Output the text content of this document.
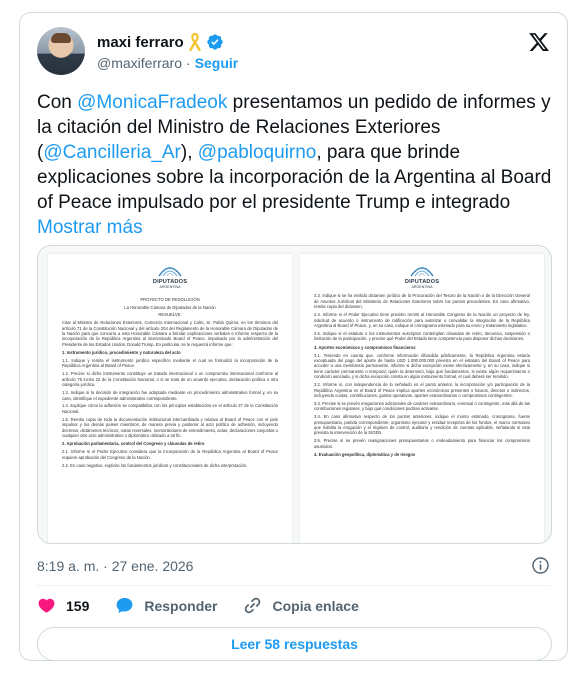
maxi ferraro
@maxiferraro · Seguir
Con @MonicaFradeok presentamos un pedido de informes y la citación del Ministro de Relaciones Exteriores (@Cancilleria_Ar), @pabloquirno, para que brinde explicaciones sobre la incorporación de la Argentina al Board of Peace impulsado por el presidente Trump e integrado Mostrar más
DIPUTADOS
ARGENTINA
PROYECTO DE RESOLUCIÓN
La Honorable Cámara de Diputados de la Nación
RESUELVE:
Citar al Ministro de Relaciones Exteriores, Comercio Internacional y Culto, Sr. Pablo Quirno, en los términos del artículo 71 de la Constitución Nacional y del artículo 204 del Reglamento de la Honorable Cámara de Diputados de la Nación para que concurra a esta Honorable Cámara a brindar explicaciones verbales e informe respecto de la incorporación de la República Argentina al denominado Board of Peace, impulsado por la administración del Presidente de los Estados Unidos, Donald Trump. En particular, se le requerirá informe que:
1. Instrumento jurídico, procedimiento y naturaleza del acto
1.1. Indique y remita el instrumento jurídico específico mediante el cual se formalizó la incorporación de la República Argentina al Board of Peace.
1.2. Precise si dicho instrumento constituye un tratado internacional o un compromiso internacional conforme al artículo 75 inciso 22 de la Constitución Nacional, o si se trata de un acuerdo ejecutivo, declaración política u otra categoría jurídica.
1.3. Indique si la decisión de integración fue adoptada mediante un procedimiento administrativo formal y, en su caso, identifique el expediente administrativo correspondiente.
1.4. Explique cómo la adhesión se compatibiliza con los principios establecidos en el artículo 27 de la Constitución Nacional.
1.5. Remita copia de toda la documentación institucional intercambiada y relativa al Board of Peace con el país impulsor y los demás países miembros, de manera previa y posterior al acto político de adhesión, incluyendo decretos, dictámenes técnicos, notas reversales, memorándums de entendimiento, actas, declaraciones conjuntas o cualquier otro acto administrativo o diplomático utilizado a tal fin.
2. Aprobación parlamentaria, control del Congreso y cláusulas de retiro
2.1. Informe si el Poder Ejecutivo considera que la incorporación de la República Argentina al Board of Peace requiere aprobación del Congreso de la Nación.
2.2. En caso negativo, explicite los fundamentos jurídicos y constitucionales de dicha interpretación.
DIPUTADOS
ARGENTINA
2.3. Indique si se ha emitido dictamen jurídico de la Procuración del Tesoro de la Nación o de la Dirección General de Asuntos Jurídicos del Ministerio de Relaciones Exteriores sobre los puntos precedentes. En caso afirmativo, remita copia del dictamen.
2.4. Informe si el Poder Ejecutivo tiene previsto remitir al Honorable Congreso de la Nación un proyecto de ley, solicitud de acuerdo o instrumento de ratificación para autorizar o convalidar la integración de la República Argentina al Board of Peace, y, en su caso, indique el cronograma estimado para su envío y tratamiento legislativo.
2.5. Indique si el estatuto o los instrumentos suscriptos contemplan cláusulas de retiro, denuncia, suspensión o limitación de la participación, y precise qué Poder del Estado tiene competencia para disponer dichas decisiones.
3. Aportes económicos y compromisos financieros
3.1. Teniendo en cuenta que, conforme información difundida públicamente, la República Argentina estaría exceptuada del pago del aporte de hasta USD 1.000.000.000 previsto en el estatuto del Board of Peace para acceder a una membresía permanente, informe si dicha excepción existe efectivamente y, en su caso, indique si tiene carácter permanente o temporal, quién la determinó, bajo qué fundamentos, si existe algún requerimiento o condición asociada, y si dicha excepción consta en algún instrumento formal, el cual deberá ser remitido.
3.2. Informe si, con independencia de lo señalado en el punto anterior, la incorporación y/o participación de la República Argentina en el Board of Peace implica aportes económicos presentes o futuros, directos o indirectos, incluyendo cuotas, contribuciones, gastos operativos, aportes extraordinarios o compromisos contingentes.
3.3. Precise si se prevén erogaciones adicionales de carácter extraordinario, eventual o contingente, más allá de las contribuciones regulares, y bajo qué condiciones podrían activarse.
3.4. En caso afirmativo respecto de los puntos anteriores, indique el monto estimado, cronograma, fuente presupuestaria, partida correspondiente, organismo ejecutor y entidad receptora de los fondos, el marco normativo que habilita la erogación y el régimen de control, auditoría y rendición de cuentas aplicable, señalando si está prevista la intervención de la SIGEN.
3.5. Precise si se prevén reasignaciones presupuestarias o endeudamiento para financiar los compromisos asumidos.
4. Evaluación geopolítica, diplomática y de riesgos
8:19 a. m. · 27 ene. 2026
159	Responder	Copia enlace
Leer 58 respuestas
